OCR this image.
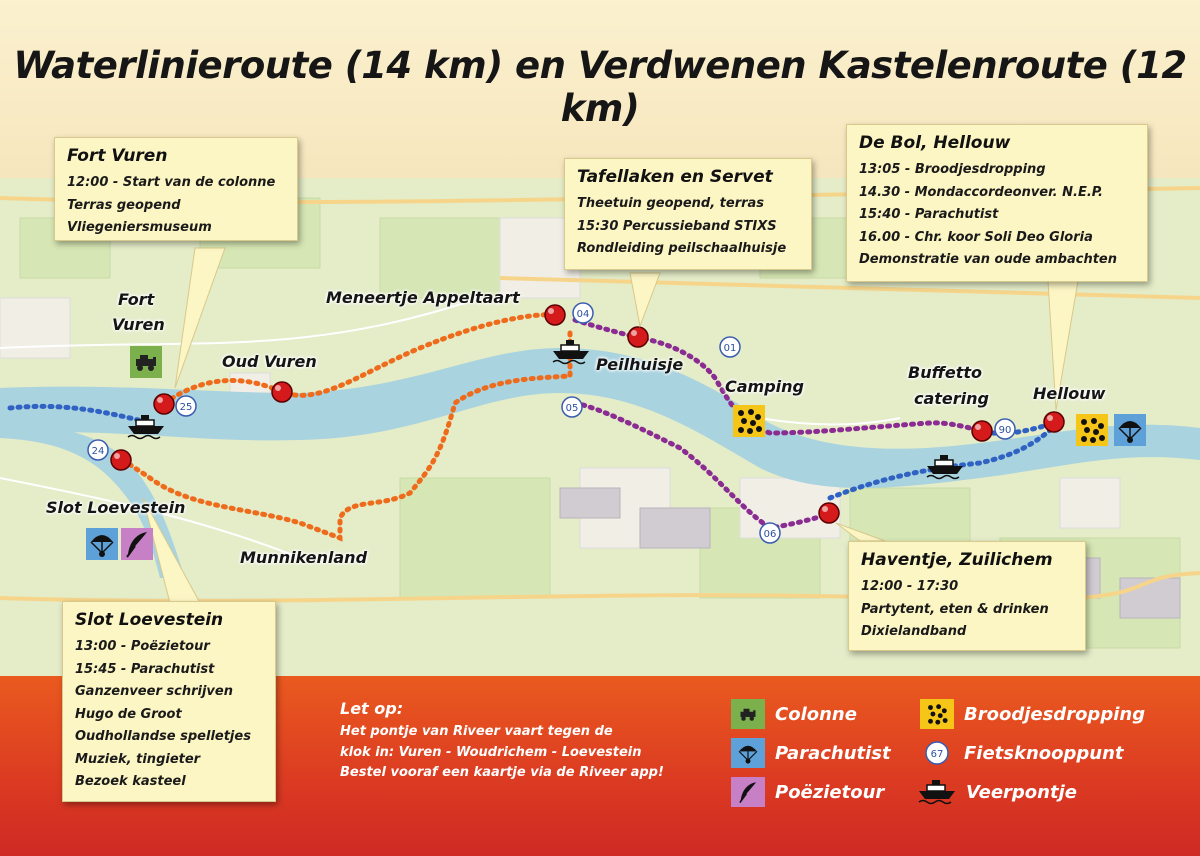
Waterlinieroute (14 km) en Verdwenen Kastelenroute (12 km)
04
01
05
06
25
24
90
Fort
Vuren
Oud Vuren
Meneertje Appeltaart
Peilhuisje
Camping
Buffetto
catering	Hellouw
Slot Loevestein
Munnikenland
Fort Vuren
12:00 - Start van de colonne
Terras geopend
Vliegeniersmuseum
Tafellaken en Servet
Theetuin geopend, terras
15:30 Percussieband STIXS
Rondleiding peilschaalhuisje
De Bol, Hellouw
13:05 - Broodjesdropping
14.30 - Mondaccordeonver. N.E.P.
15:40 - Parachutist
16.00 - Chr. koor Soli Deo Gloria
Demonstratie van oude ambachten
Haventje, Zuilichem
12:00 - 17:30
Partytent, eten & drinken
Dixielandband
Slot Loevestein
13:00 - Poëzietour
15:45 - Parachutist
Ganzenveer schrijven
Hugo de Groot
Oudhollandse spelletjes
Muziek, tingieter
Bezoek kasteel
Let op:
Het pontje van Riveer vaart tegen de
klok in: Vuren - Woudrichem - Loevestein
Bestel vooraf een kaartje via de Riveer app!
Colonne
Parachutist
Poëzietour
Broodjesdropping
67 Fietsknooppunt
Veerpontje
